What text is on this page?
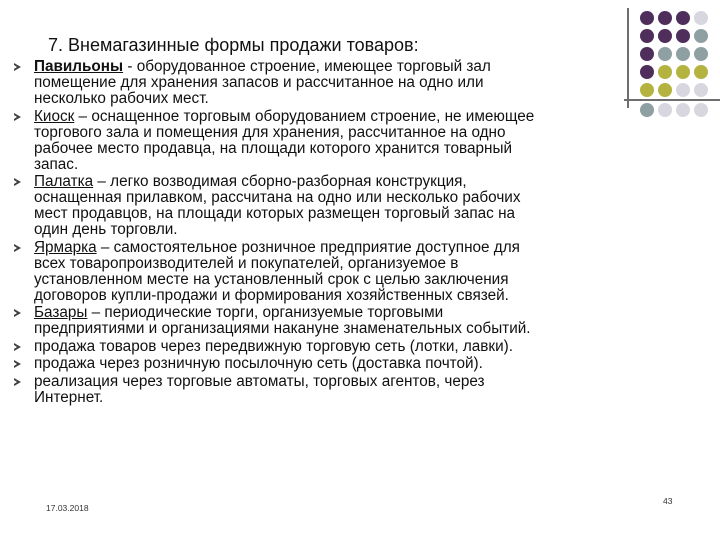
7. Внемагазинные формы продажи товаров:
Павильоны - оборудованное строение, имеющее торговый зал
помещение для хранения запасов и рассчитанное на одно или
несколько рабочих мест.
Киоск – оснащенное торговым оборудованием строение, не имеющее
торгового зала и помещения для хранения, рассчитанное на одно
рабочее место продавца, на площади которого хранится товарный
запас.
Палатка – легко возводимая сборно-разборная конструкция,
оснащенная прилавком, рассчитана на одно или несколько рабочих
мест продавцов, на площади которых размещен торговый запас на
один день торговли.
Ярмарка – самостоятельное розничное предприятие доступное для
всех товаропроизводителей и покупателей, организуемое в
установленном месте на установленный срок с целью заключения
договоров купли-продажи и формирования хозяйственных связей.
Базары – периодические торги, организуемые торговыми
предприятиями и организациями накануне знаменательных событий.
продажа товаров через передвижную торговую сеть (лотки, лавки).
продажа через розничную посылочную сеть (доставка почтой).
реализация через торговые автоматы, торговых агентов, через
Интернет.
17.03.2018
43
